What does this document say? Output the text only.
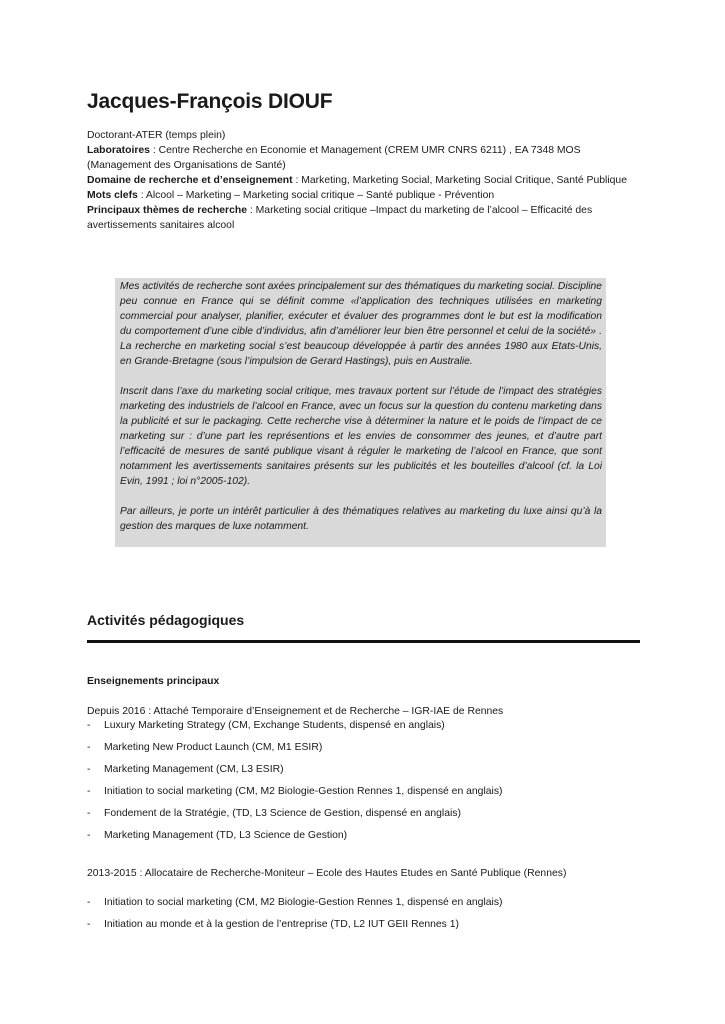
Jacques-François DIOUF

Doctorant-ATER (temps plein)

Laboratoires : Centre Recherche en Economie et Management (CREM UMR CNRS 6211) , EA 7348 MOS (Management des Organisations de Santé)

Domaine de recherche et d’enseignement : Marketing, Marketing Social, Marketing Social Critique, Santé Publique

Mots clefs : Alcool – Marketing – Marketing social critique – Santé publique - Prévention

Principaux thèmes de recherche : Marketing social critique –Impact du marketing de l’alcool – Efficacité des avertissements sanitaires alcool

Mes activités de recherche sont axées principalement sur des thématiques du marketing social. Discipline peu connue en France qui se définit comme «l’application des techniques utilisées en marketing commercial pour analyser, planifier, exécuter et évaluer des programmes dont le but est la modification du comportement d’une cible d’individus, afin d’améliorer leur bien être personnel et celui de la société» . La recherche en marketing social s’est beaucoup développée à partir des années 1980 aux Etats-Unis, en Grande-Bretagne (sous l’impulsion de Gerard Hastings), puis en Australie.

Inscrit dans l’axe du marketing social critique, mes travaux portent sur l’étude de l’impact des stratégies marketing des industriels de l’alcool en France, avec un focus sur la question du contenu marketing dans la publicité et sur le packaging. Cette recherche vise à déterminer la nature et le poids de l’impact de ce marketing sur : d’une part les représentions et les envies de consommer des jeunes, et d’autre part l’efficacité de mesures de santé publique visant à réguler le marketing de l’alcool en France, que sont notamment les avertissements sanitaires présents sur les publicités et les bouteilles d’alcool (cf. la Loi Evin, 1991 ; loi n°2005-102).

Par ailleurs, je porte un intérêt particulier à des thématiques relatives au marketing du luxe ainsi qu’à la gestion des marques de luxe notamment.

Activités pédagogiques
Enseignements principaux

Depuis 2016 : Attaché Temporaire d’Enseignement et de Recherche – IGR-IAE de Rennes

- Luxury Marketing Strategy (CM, Exchange Students, dispensé en anglais)
- Marketing New Product Launch (CM, M1 ESIR)
- Marketing Management (CM, L3 ESIR)
- Initiation to social marketing (CM, M2 Biologie-Gestion Rennes 1, dispensé en anglais)
- Fondement de la Stratégie, (TD, L3 Science de Gestion, dispensé en anglais)
- Marketing Management (TD, L3 Science de Gestion)

2013-2015 : Allocataire de Recherche-Moniteur – Ecole des Hautes Etudes en Santé Publique (Rennes)

- Initiation to social marketing (CM, M2 Biologie-Gestion Rennes 1, dispensé en anglais)
- Initiation au monde et à la gestion de l’entreprise (TD, L2 IUT GEII Rennes 1)
